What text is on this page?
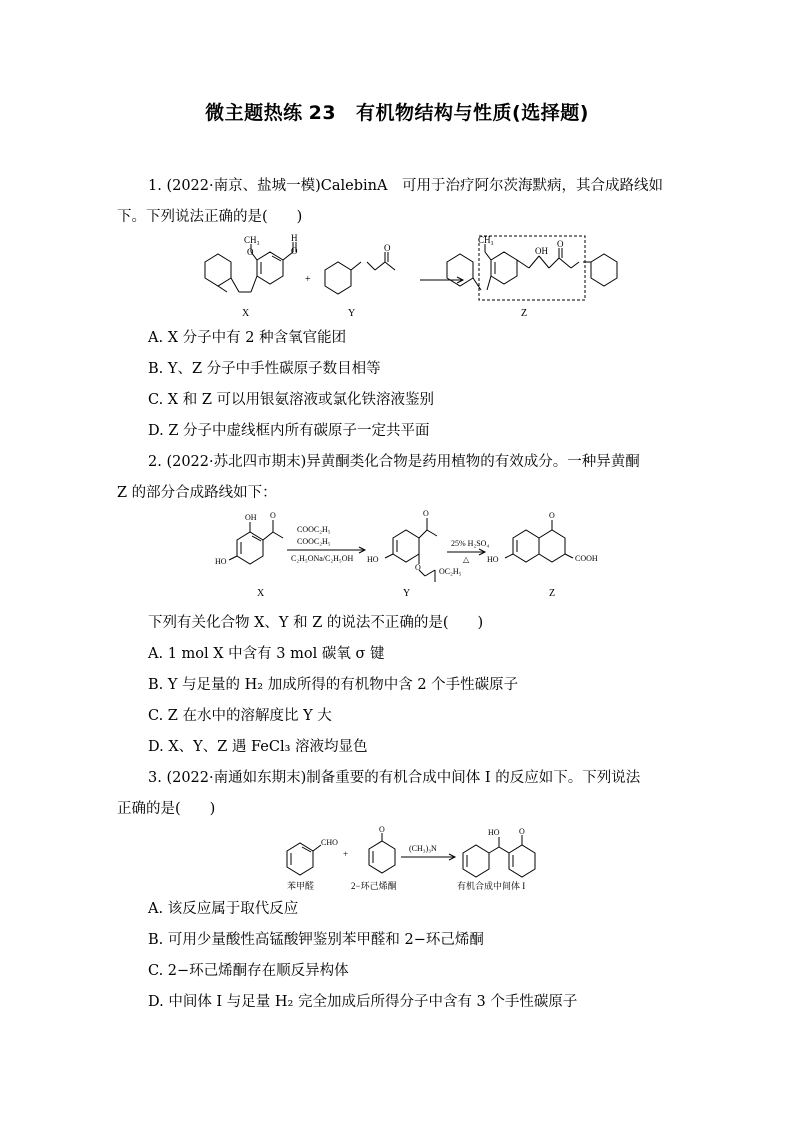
微主题热练 23 有机物结构与性质(选择题)
1. (2022·南京、盐城一模)CalebinA　可用于治疗阿尔茨海默病，其合成路线如
下。下列说法正确的是(　　)
CH₃
O
H
O	O
CH₃
OH
O
+
X	Y	Z
A. X 分子中有 2 种含氧官能团
B. Y、Z 分子中手性碳原子数目相等
C. X 和 Z 可以用银氨溶液或氯化铁溶液鉴别
D. Z 分子中虚线框内所有碳原子一定共平面
2. (2022·苏北四市期末)异黄酮类化合物是药用植物的有效成分。一种异黄酮
Z 的部分合成路线如下：
OH O
HO
COOC₂H₅
COOC₂H₅
C₂H₅ONa/C₂H₅OH
O
O
HO
OC₂H₅
25% H₂SO₄
△
O
HO	COOH
X	Y	Z
下列有关化合物 X、Y 和 Z 的说法不正确的是(　　)
A. 1 mol X 中含有 3 mol 碳氧 σ 键
B. Y 与足量的 H₂ 加成所得的有机物中含 2 个手性碳原子
C. Z 在水中的溶解度比 Y 大
D. X、Y、Z 遇 FeCl₃ 溶液均显色
3. (2022·南通如东期末)制备重要的有机合成中间体 I 的反应如下。下列说法
正确的是(　　)
CHO
O
(CH₃)₃N
HO O
+
苯甲醛	2−环己烯酮	有机合成中间体 I
A. 该反应属于取代反应
B. 可用少量酸性高锰酸钾鉴别苯甲醛和 2−环己烯酮
C. 2−环己烯酮存在顺反异构体
D. 中间体 I 与足量 H₂ 完全加成后所得分子中含有 3 个手性碳原子
